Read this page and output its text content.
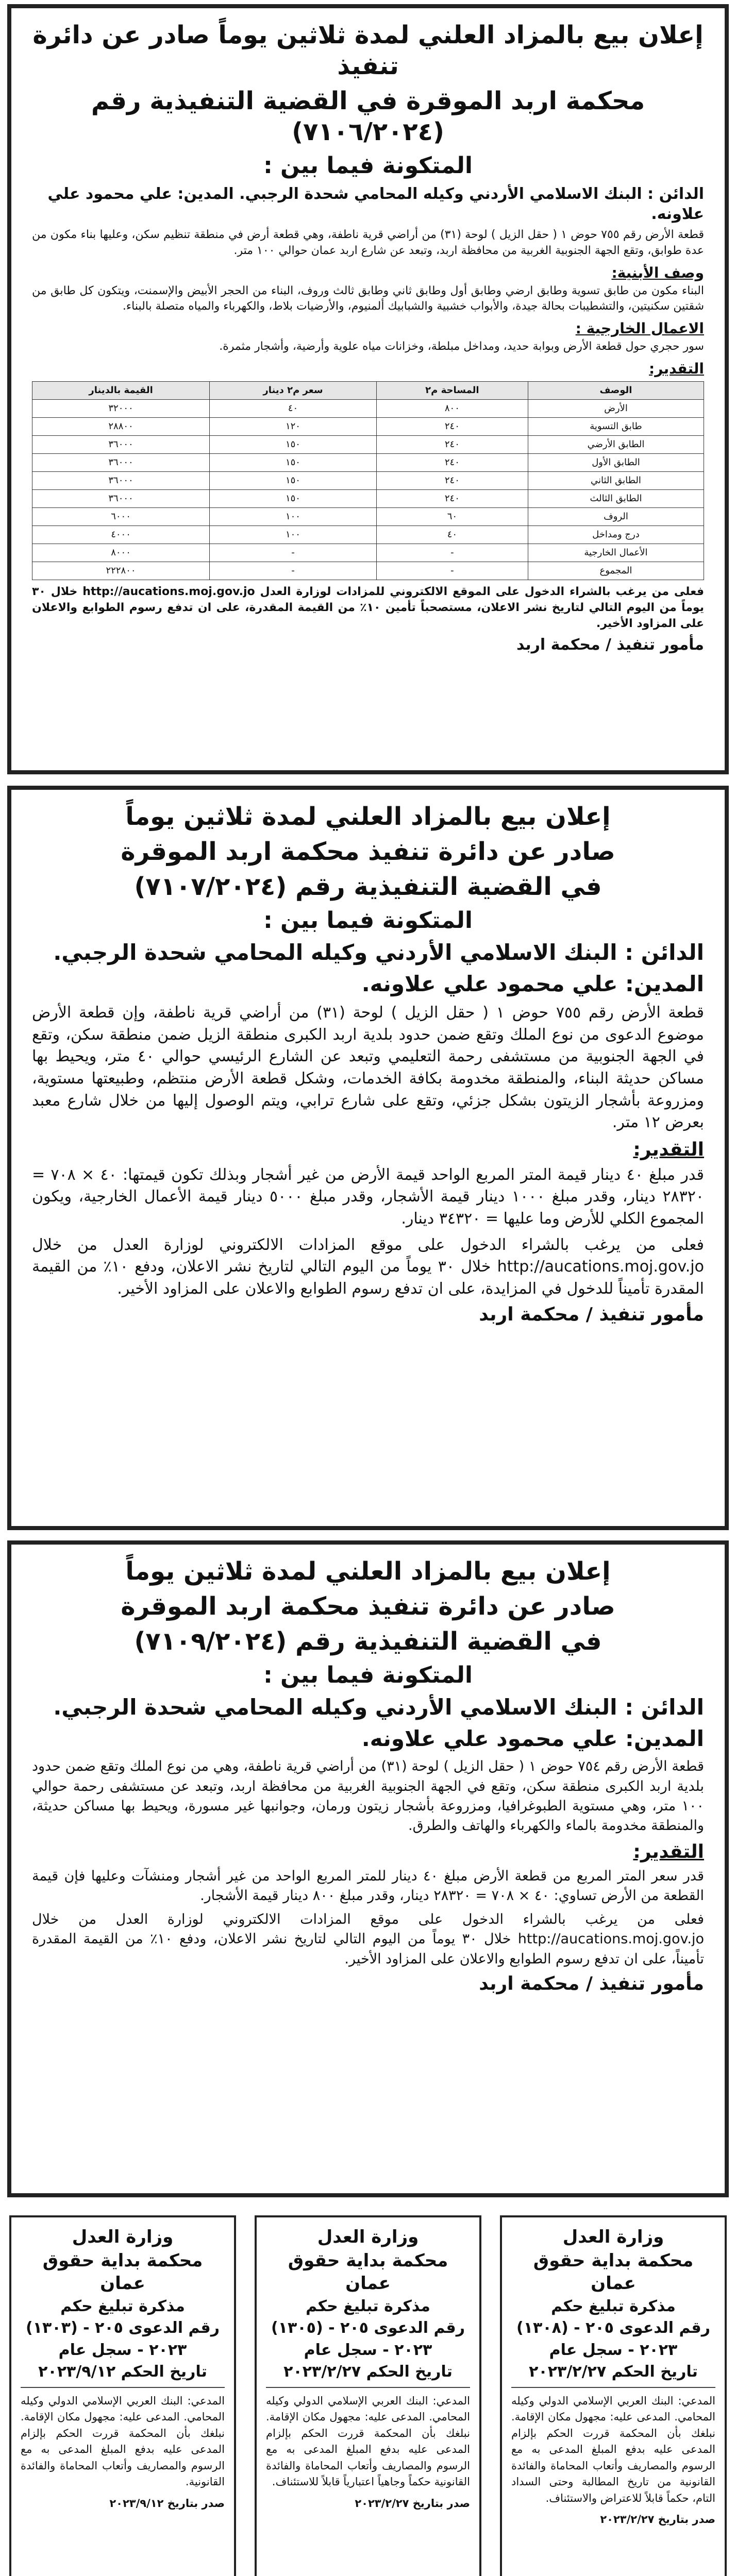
إعلان بيع بالمزاد العلني لمدة ثلاثين يوماً صادر عن دائرة تنفيذ
محكمة اربد الموقرة في القضية التنفيذية رقم (٧١٠٦/٢٠٢٤)
المتكونة فيما بين :
الدائن : البنك الاسلامي الأردني وكيله المحامي شحدة الرجبي. المدين: علي محمود علي علاونه.

قطعة الأرض رقم ٧٥٥ حوض ١ ( حقل الزيل ) لوحة (٣١) من أراضي قرية ناطفة، وهي قطعة أرض في منطقة تنظيم سكن، وعليها بناء مكون من عدة طوابق، وتقع الجهة الجنوبية الغربية من محافظة اربد، وتبعد عن شارع اربد عمان حوالي ١٠٠ متر.

وصف الأبنية:

البناء مكون من طابق تسوية وطابق ارضي وطابق أول وطابق ثاني وطابق ثالث وروف، البناء من الحجر الأبيض والإسمنت، ويتكون كل طابق من شقتين سكنيتين، والتشطيبات بحالة جيدة، والأبواب خشبية والشبابيك ألمنيوم، والأرضيات بلاط، والكهرباء والمياه متصلة بالبناء.

الاعمال الخارجية :

سور حجري حول قطعة الأرض وبوابة حديد، ومداخل مبلطة، وخزانات مياه علوية وأرضية، وأشجار مثمرة.

التقدير:
الوصف	المساحة م٢	سعر م٢ دينار	القيمة بالدينار
الأرض	٨٠٠	٤٠	٣٢٠٠٠
طابق التسوية	٢٤٠	١٢٠	٢٨٨٠٠
الطابق الأرضي	٢٤٠	١٥٠	٣٦٠٠٠
الطابق الأول	٢٤٠	١٥٠	٣٦٠٠٠
الطابق الثاني	٢٤٠	١٥٠	٣٦٠٠٠
الطابق الثالث	٢٤٠	١٥٠	٣٦٠٠٠
الروف	٦٠	١٠٠	٦٠٠٠
درج ومداخل	٤٠	١٠٠	٤٠٠٠
الأعمال الخارجية	-	-	٨٠٠٠
المجموع	-	-	٢٢٢٨٠٠

فعلى من يرغب بالشراء الدخول على الموقع الالكتروني للمزادات لوزارة العدل http://aucations.moj.gov.jo خلال ٣٠ يوماً من اليوم التالي لتاريخ نشر الاعلان، مستصحباً تأمين ١٠٪ من القيمة المقدرة، على ان تدفع رسوم الطوابع والاعلان على المزاود الأخير.

مأمور تنفيذ / محكمة اربد
إعلان بيع بالمزاد العلني لمدة ثلاثين يوماً
صادر عن دائرة تنفيذ محكمة اربد الموقرة
في القضية التنفيذية رقم (٧١٠٧/٢٠٢٤)
المتكونة فيما بين :
الدائن : البنك الاسلامي الأردني وكيله المحامي شحدة الرجبي.
المدين: علي محمود علي علاونه.

قطعة الأرض رقم ٧٥٥ حوض ١ ( حقل الزيل ) لوحة (٣١) من أراضي قرية ناطفة، وإن قطعة الأرض موضوع الدعوى من نوع الملك وتقع ضمن حدود بلدية اربد الكبرى منطقة الزيل ضمن منطقة سكن، وتقع في الجهة الجنوبية من مستشفى رحمة التعليمي وتبعد عن الشارع الرئيسي حوالي ٤٠ متر، ويحيط بها مساكن حديثة البناء، والمنطقة مخدومة بكافة الخدمات، وشكل قطعة الأرض منتظم، وطبيعتها مستوية، ومزروعة بأشجار الزيتون بشكل جزئي، وتقع على شارع ترابي، ويتم الوصول إليها من خلال شارع معبد بعرض ١٢ متر.

التقدير:

قدر مبلغ ٤٠ دينار قيمة المتر المربع الواحد قيمة الأرض من غير أشجار وبذلك تكون قيمتها: ٤٠ × ٧٠٨ = ٢٨٣٢٠ دينار، وقدر مبلغ ١٠٠٠ دينار قيمة الأشجار، وقدر مبلغ ٥٠٠٠ دينار قيمة الأعمال الخارجية، ويكون المجموع الكلي للأرض وما عليها = ٣٤٣٢٠ دينار.

فعلى من يرغب بالشراء الدخول على موقع المزادات الالكتروني لوزارة العدل من خلال http://aucations.moj.gov.jo خلال ٣٠ يوماً من اليوم التالي لتاريخ نشر الاعلان، ودفع ١٠٪ من القيمة المقدرة تأميناً للدخول في المزايدة، على ان تدفع رسوم الطوابع والاعلان على المزاود الأخير.

مأمور تنفيذ / محكمة اربد
إعلان بيع بالمزاد العلني لمدة ثلاثين يوماً
صادر عن دائرة تنفيذ محكمة اربد الموقرة
في القضية التنفيذية رقم (٧١٠٩/٢٠٢٤)
المتكونة فيما بين :
الدائن : البنك الاسلامي الأردني وكيله المحامي شحدة الرجبي.
المدين: علي محمود علي علاونه.

قطعة الأرض رقم ٧٥٤ حوض ١ ( حقل الزيل ) لوحة (٣١) من أراضي قرية ناطفة، وهي من نوع الملك وتقع ضمن حدود بلدية اربد الكبرى منطقة سكن، وتقع في الجهة الجنوبية الغربية من محافظة اربد، وتبعد عن مستشفى رحمة حوالي ١٠٠ متر، وهي مستوية الطبوغرافيا، ومزروعة بأشجار زيتون ورمان، وجوانبها غير مسورة، ويحيط بها مساكن حديثة، والمنطقة مخدومة بالماء والكهرباء والهاتف والطرق.

التقدير:

قدر سعر المتر المربع من قطعة الأرض مبلغ ٤٠ دينار للمتر المربع الواحد من غير أشجار ومنشآت وعليها فإن قيمة القطعة من الأرض تساوي: ٤٠ × ٧٠٨ = ٢٨٣٢٠ دينار، وقدر مبلغ ٨٠٠ دينار قيمة الأشجار.

فعلى من يرغب بالشراء الدخول على موقع المزادات الالكتروني لوزارة العدل من خلال http://aucations.moj.gov.jo خلال ٣٠ يوماً من اليوم التالي لتاريخ نشر الاعلان، ودفع ١٠٪ من القيمة المقدرة تأميناً، على ان تدفع رسوم الطوابع والاعلان على المزاود الأخير.

مأمور تنفيذ / محكمة اربد
وزارة العدل
محكمة بداية حقوق عمان
مذكرة تبليغ حكم
رقم الدعوى ٢٠٥ - (١٣٠٨)
٢٠٢٣ - سجل عام
تاريخ الحكم ٢٠٢٣/٢/٢٧
المدعي: البنك العربي الإسلامي الدولي وكيله المحامي. المدعى عليه: مجهول مكان الإقامة. نبلغك بأن المحكمة قررت الحكم بإلزام المدعى عليه بدفع المبلغ المدعى به مع الرسوم والمصاريف وأتعاب المحاماة والفائدة القانونية من تاريخ المطالبة وحتى السداد التام، حكماً قابلاً للاعتراض والاستئناف.
صدر بتاريخ ٢٠٢٣/٢/٢٧
وزارة العدل
محكمة بداية حقوق عمان
مذكرة تبليغ حكم
رقم الدعوى ٢٠٥ - (١٣٠٥)
٢٠٢٣ - سجل عام
تاريخ الحكم ٢٠٢٣/٢/٢٧
المدعي: البنك العربي الإسلامي الدولي وكيله المحامي. المدعى عليه: مجهول مكان الإقامة. نبلغك بأن المحكمة قررت الحكم بإلزام المدعى عليه بدفع المبلغ المدعى به مع الرسوم والمصاريف وأتعاب المحاماة والفائدة القانونية حكماً وجاهياً اعتبارياً قابلاً للاستئناف.
صدر بتاريخ ٢٠٢٣/٢/٢٧
وزارة العدل
محكمة بداية حقوق عمان
مذكرة تبليغ حكم
رقم الدعوى ٢٠٥ - (١٣٠٣)
٢٠٢٣ - سجل عام
تاريخ الحكم ٢٠٢٣/٩/١٢
المدعي: البنك العربي الإسلامي الدولي وكيله المحامي. المدعى عليه: مجهول مكان الإقامة. نبلغك بأن المحكمة قررت الحكم بإلزام المدعى عليه بدفع المبلغ المدعى به مع الرسوم والمصاريف وأتعاب المحاماة والفائدة القانونية.
صدر بتاريخ ٢٠٢٣/٩/١٢
